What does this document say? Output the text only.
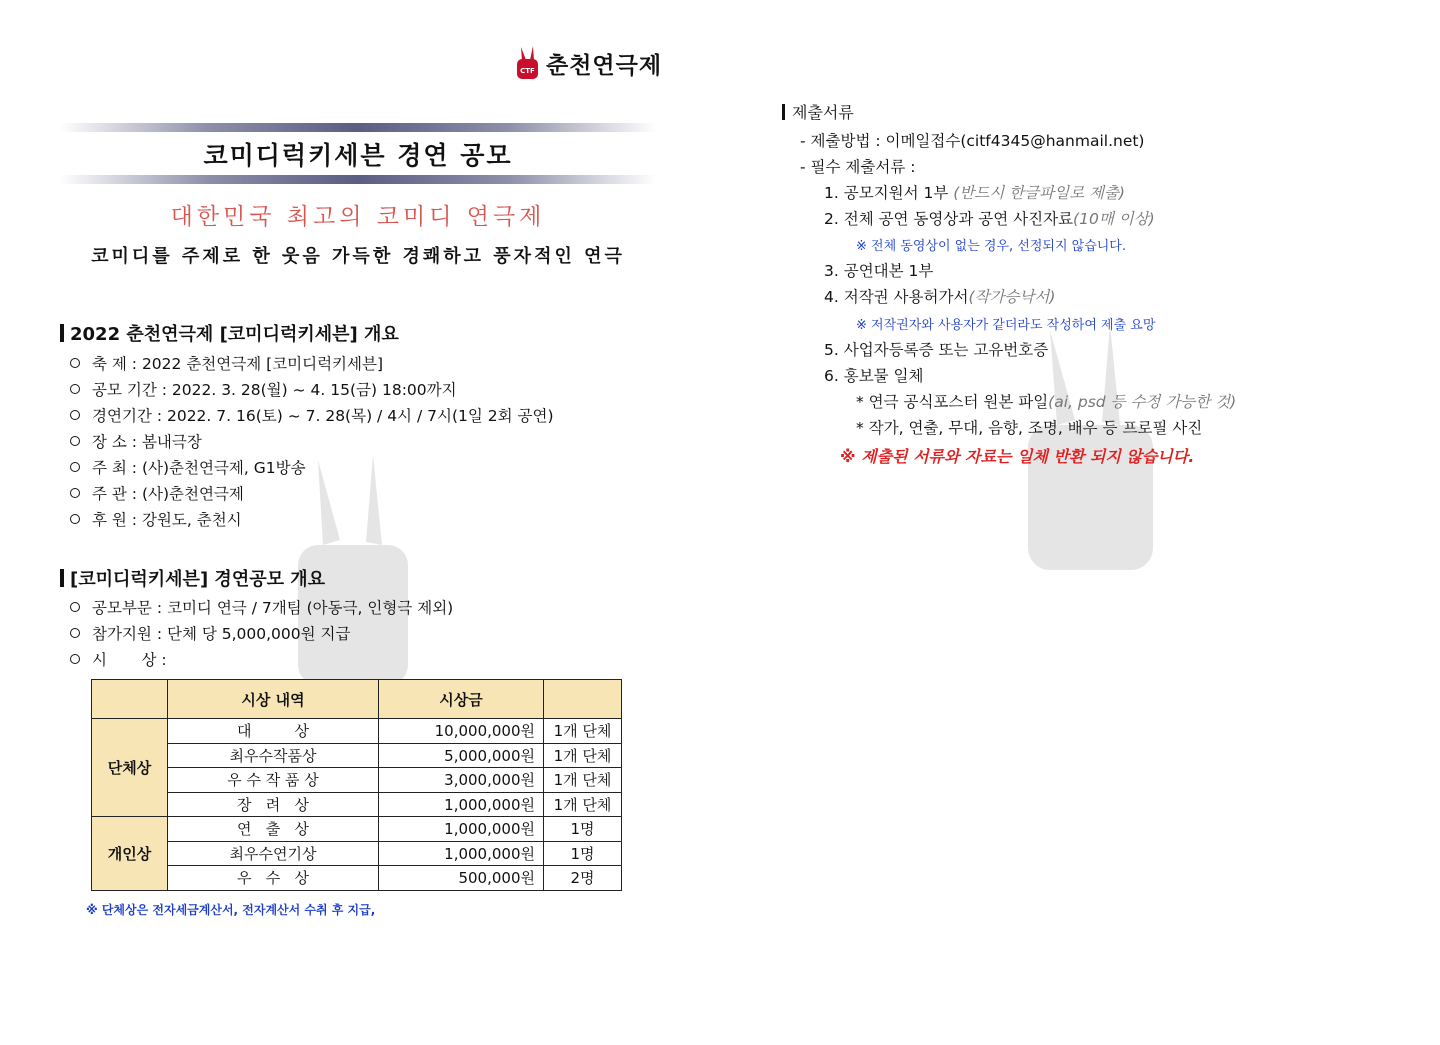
CTF 춘천연극제
코미디럭키세븐 경연 공모
대한민국 최고의 코미디 연극제
코미디를 주제로 한 웃음 가득한 경쾌하고 풍자적인 연극
2022 춘천연극제 [코미디럭키세븐] 개요
축 제 : 2022 춘천연극제 [코미디럭키세븐]
공모 기간 : 2022. 3. 28(월) ~ 4. 15(금) 18:00까지
경연기간 : 2022. 7. 16(토) ~ 7. 28(목) / 4시 / 7시(1일 2회 공연)
장 소 : 봄내극장
주 최 : (사)춘천연극제, G1방송
주 관 : (사)춘천연극제
후 원 : 강원도, 춘천시
[코미디럭키세븐] 경연공모 개요
공모부문 : 코미디 연극 / 7개팀 (아동극, 인형극 제외)
참가지원 : 단체 당 5,000,000원 지급
시       상 :
	시상 내역	시상금	
단체상	대         상	10,000,000원	1개 단체
	최우수작품상	5,000,000원	1개 단체
	우 수 작 품 상	3,000,000원	1개 단체
	장   려   상	1,000,000원	1개 단체
개인상	연   출   상	1,000,000원	1명
	최우수연기상	1,000,000원	1명
	우   수   상	500,000원	2명
※ 단체상은 전자세금계산서, 전자계산서 수취 후 지급,
제출서류
- 제출방법 : 이메일접수(citf4345@hanmail.net)
- 필수 제출서류 :
1. 공모지원서 1부 (반드시 한글파일로 제출)
2. 전체 공연 동영상과 공연 사진자료 (10매 이상)
※ 전체 동영상이 없는 경우, 선정되지 않습니다.
3. 공연대본 1부
4. 저작권 사용허가서 (작가승낙서)
※ 저작권자와 사용자가 같더라도 작성하여 제출 요망
5. 사업자등록증 또는 고유번호증
6. 홍보물 일체
* 연극 공식포스터 원본 파일 (ai, psd 등 수정 가능한 것)
* 작가, 연출, 무대, 음향, 조명, 배우 등 프로필 사진
※ 제출된 서류와 자료는 일체 반환 되지 않습니다.
